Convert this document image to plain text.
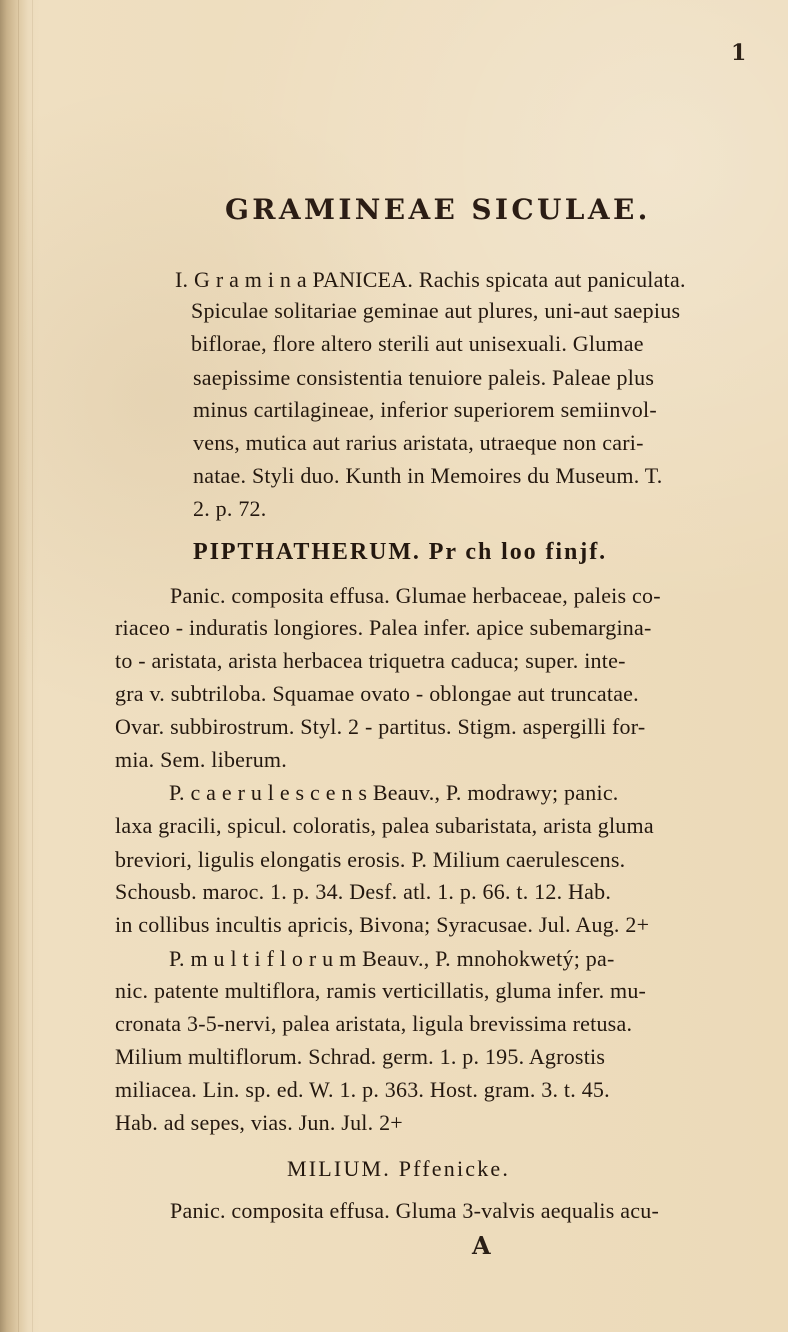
1
GRAMINEAE SICULAE.
I. G r a m i n a PANICEA. Rachis spicata aut paniculata.
Spiculae solitariae geminae aut plures, uni-aut saepius
biflorae, flore altero sterili aut unisexuali. Glumae
saepissime consistentia tenuiore paleis. Paleae plus
minus cartilagineae, inferior superiorem semiinvol-
vens, mutica aut rarius aristata, utraeque non cari-
natae. Styli duo. Kunth in Memoires du Museum. T.
2. p. 72.
PIPTHATHERUM. Pr ch loo finjf.
Panic. composita effusa. Glumae herbaceae, paleis co-
riaceo - induratis longiores. Palea infer. apice subemargina-
to - aristata, arista herbacea triquetra caduca; super. inte-
gra v. subtriloba. Squamae ovato - oblongae aut truncatae.
Ovar. subbirostrum. Styl. 2 - partitus. Stigm. aspergilli for-
mia. Sem. liberum.
P. c a e r u l e s c e n s Beauv., P. modrawy; panic.
laxa gracili, spicul. coloratis, palea subaristata, arista gluma
breviori, ligulis elongatis erosis. P. Milium caerulescens.
Schousb. maroc. 1. p. 34. Desf. atl. 1. p. 66. t. 12. Hab.
in collibus incultis apricis, Bivona; Syracusae. Jul. Aug. 2+
P. m u l t i f l o r u m Beauv., P. mnohokwetý; pa-
nic. patente multiflora, ramis verticillatis, gluma infer. mu-
cronata 3-5-nervi, palea aristata, ligula brevissima retusa.
Milium multiflorum. Schrad. germ. 1. p. 195. Agrostis
miliacea. Lin. sp. ed. W. 1. p. 363. Host. gram. 3. t. 45.
Hab. ad sepes, vias. Jun. Jul. 2+
MILIUM. Pffenicke.
Panic. composita effusa. Gluma 3-valvis aequalis acu-
A
